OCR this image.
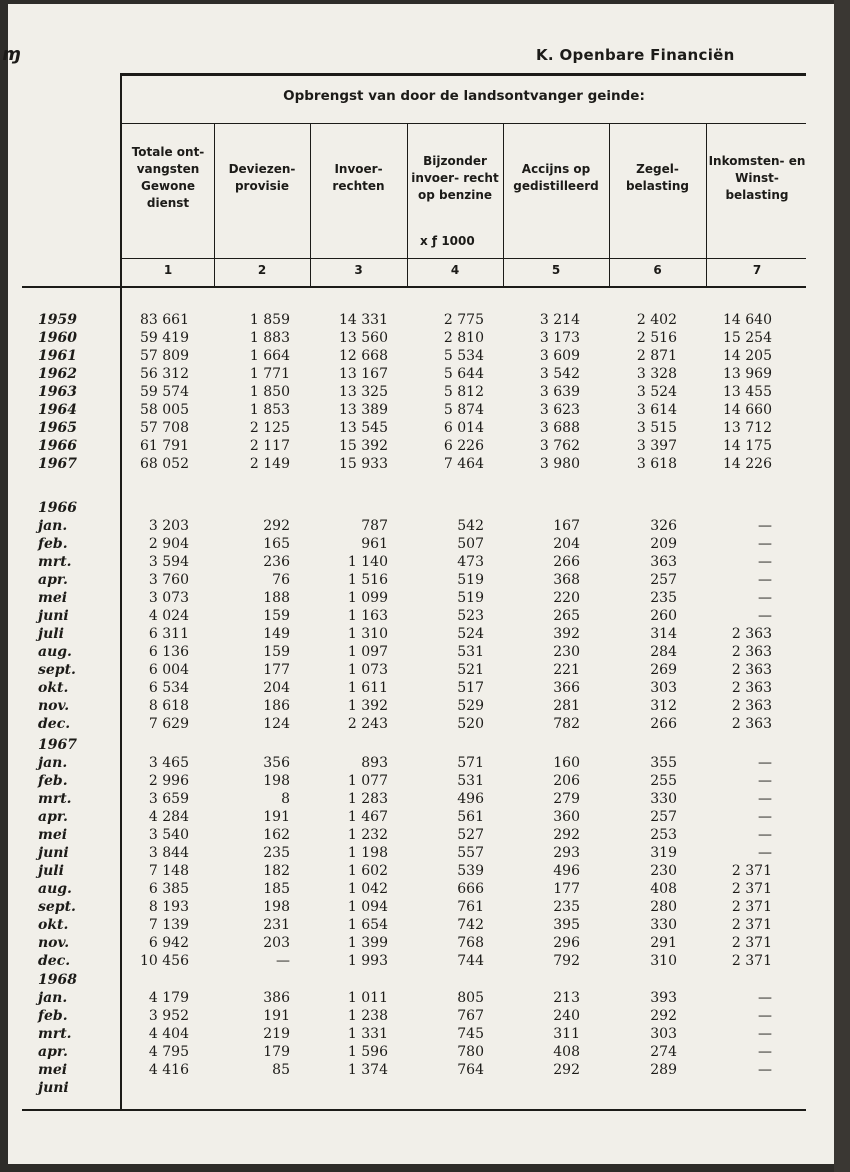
ɱ	K. Openbare Financiën
Opbrengst van door de landsontvanger geinde:
Totale ont- vangsten Gewone dienst
Deviezen- provisie
Invoer- rechten
Bijzonder invoer- recht op benzine
Accijns op gedistilleerd
Zegel- belasting
Inkomsten- en Winst- belasting
x ƒ 1000
1	2	3	4	5	6	7
1959	83 661	1 859	14 331	2 775	3 214	2 402	14 640
1960	59 419	1 883	13 560	2 810	3 173	2 516	15 254
1961	57 809	1 664	12 668	5 534	3 609	2 871	14 205
1962	56 312	1 771	13 167	5 644	3 542	3 328	13 969
1963	59 574	1 850	13 325	5 812	3 639	3 524	13 455
1964	58 005	1 853	13 389	5 874	3 623	3 614	14 660
1965	57 708	2 125	13 545	6 014	3 688	3 515	13 712
1966	61 791	2 117	15 392	6 226	3 762	3 397	14 175
1967	68 052	2 149	15 933	7 464	3 980	3 618	14 226
1966
jan.	3 203	292	787	542	167	326	—
feb.	2 904	165	961	507	204	209	—
mrt.	3 594	236	1 140	473	266	363	—
apr.	3 760	76	1 516	519	368	257	—
mei	3 073	188	1 099	519	220	235	—
juni	4 024	159	1 163	523	265	260	—
juli	6 311	149	1 310	524	392	314	2 363
aug.	6 136	159	1 097	531	230	284	2 363
sept.	6 004	177	1 073	521	221	269	2 363
okt.	6 534	204	1 611	517	366	303	2 363
nov.	8 618	186	1 392	529	281	312	2 363
dec.	7 629	124	2 243	520	782	266	2 363
1967
jan.	3 465	356	893	571	160	355	—
feb.	2 996	198	1 077	531	206	255	—
mrt.	3 659	8	1 283	496	279	330	—
apr.	4 284	191	1 467	561	360	257	—
mei	3 540	162	1 232	527	292	253	—
juni	3 844	235	1 198	557	293	319	—
juli	7 148	182	1 602	539	496	230	2 371
aug.	6 385	185	1 042	666	177	408	2 371
sept.	8 193	198	1 094	761	235	280	2 371
okt.	7 139	231	1 654	742	395	330	2 371
nov.	6 942	203	1 399	768	296	291	2 371
dec.	10 456	—	1 993	744	792	310	2 371
1968
jan.	4 179	386	1 011	805	213	393	—
feb.	3 952	191	1 238	767	240	292	—
mrt.	4 404	219	1 331	745	311	303	—
apr.	4 795	179	1 596	780	408	274	—
mei	4 416	85	1 374	764	292	289	—
juni
